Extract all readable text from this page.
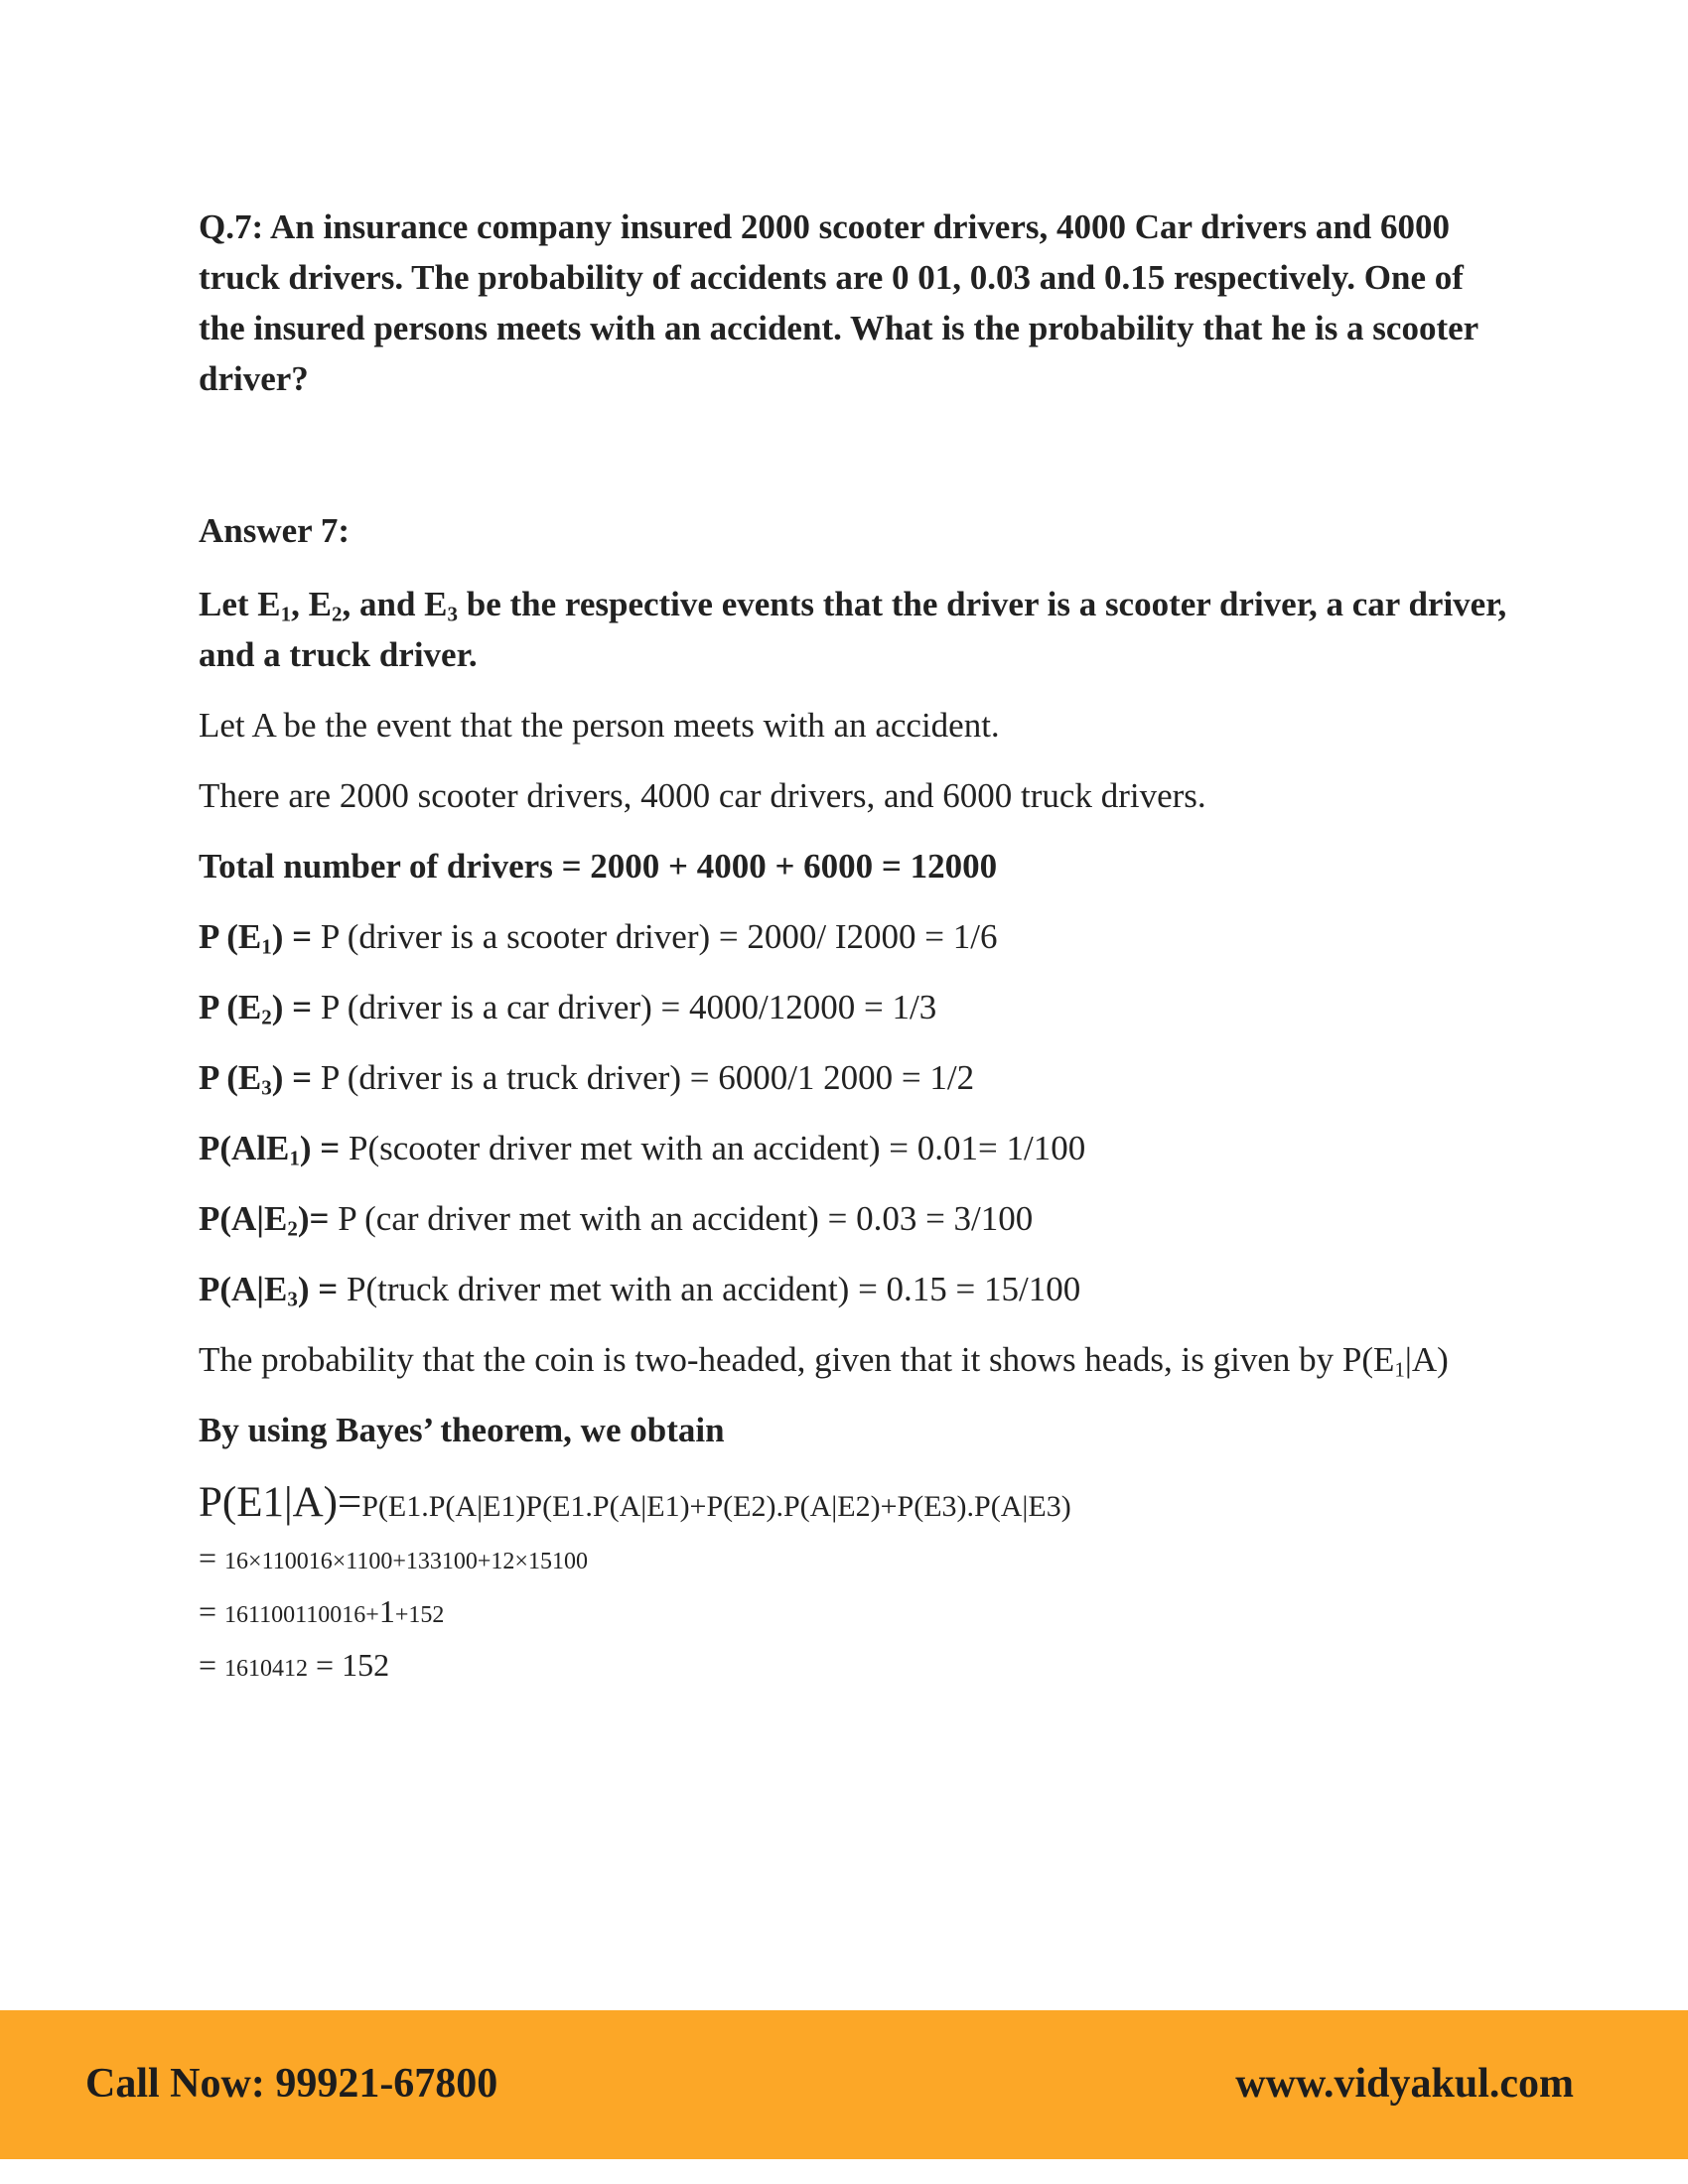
Q.7: An insurance company insured 2000 scooter drivers, 4000 Car drivers and 6000 truck drivers. The probability of accidents are 0 01, 0.03 and 0.15 respectively. One of the insured persons meets with an accident. What is the probability that he is a scooter driver?

Answer 7:

Let $E_1$, $E_2$, and $E_3$ be the respective events that the driver is a scooter driver, a car driver, and a truck driver.

Let A be the event that the person meets with an accident.

There are 2000 scooter drivers, 4000 car drivers, and 6000 truck drivers.

Total number of drivers = 2000 + 4000 + 6000 = 12000

P $(E_1) = P$ (driver is a scooter driver) = 2000/ I2000 = 1/6

P $(E_2) = P$ (driver is a car driver) = 4000/12000 = 1/3

P $(E_3) = P$ (driver is a truck driver) = 6000/1 2000 = 1/2

P(AlE$_1$) = P(scooter driver met with an accident) = 0.01= 1/100

$P(A|E_2)= P$ (car driver met with an accident) = 0.03 = 3/100

$P(A|E_3)$ = P(truck driver met with an accident) = 0.15 = 15/100

The probability that the coin is two-headed, given that it shows heads, is given by $P(E_1|A)$

By using Bayes’ theorem, we obtain

P(E1|A)=P(E1.P(A|E1)P(E1.P(A|E1)+P(E2).P(A|E2)+P(E3).P(A|E3)

= 16×110016×1100+133100+12×15100

= 161100110016+1+152

= 1610412 = 152

Call Now: 99921-67800	www.vidyakul.com
